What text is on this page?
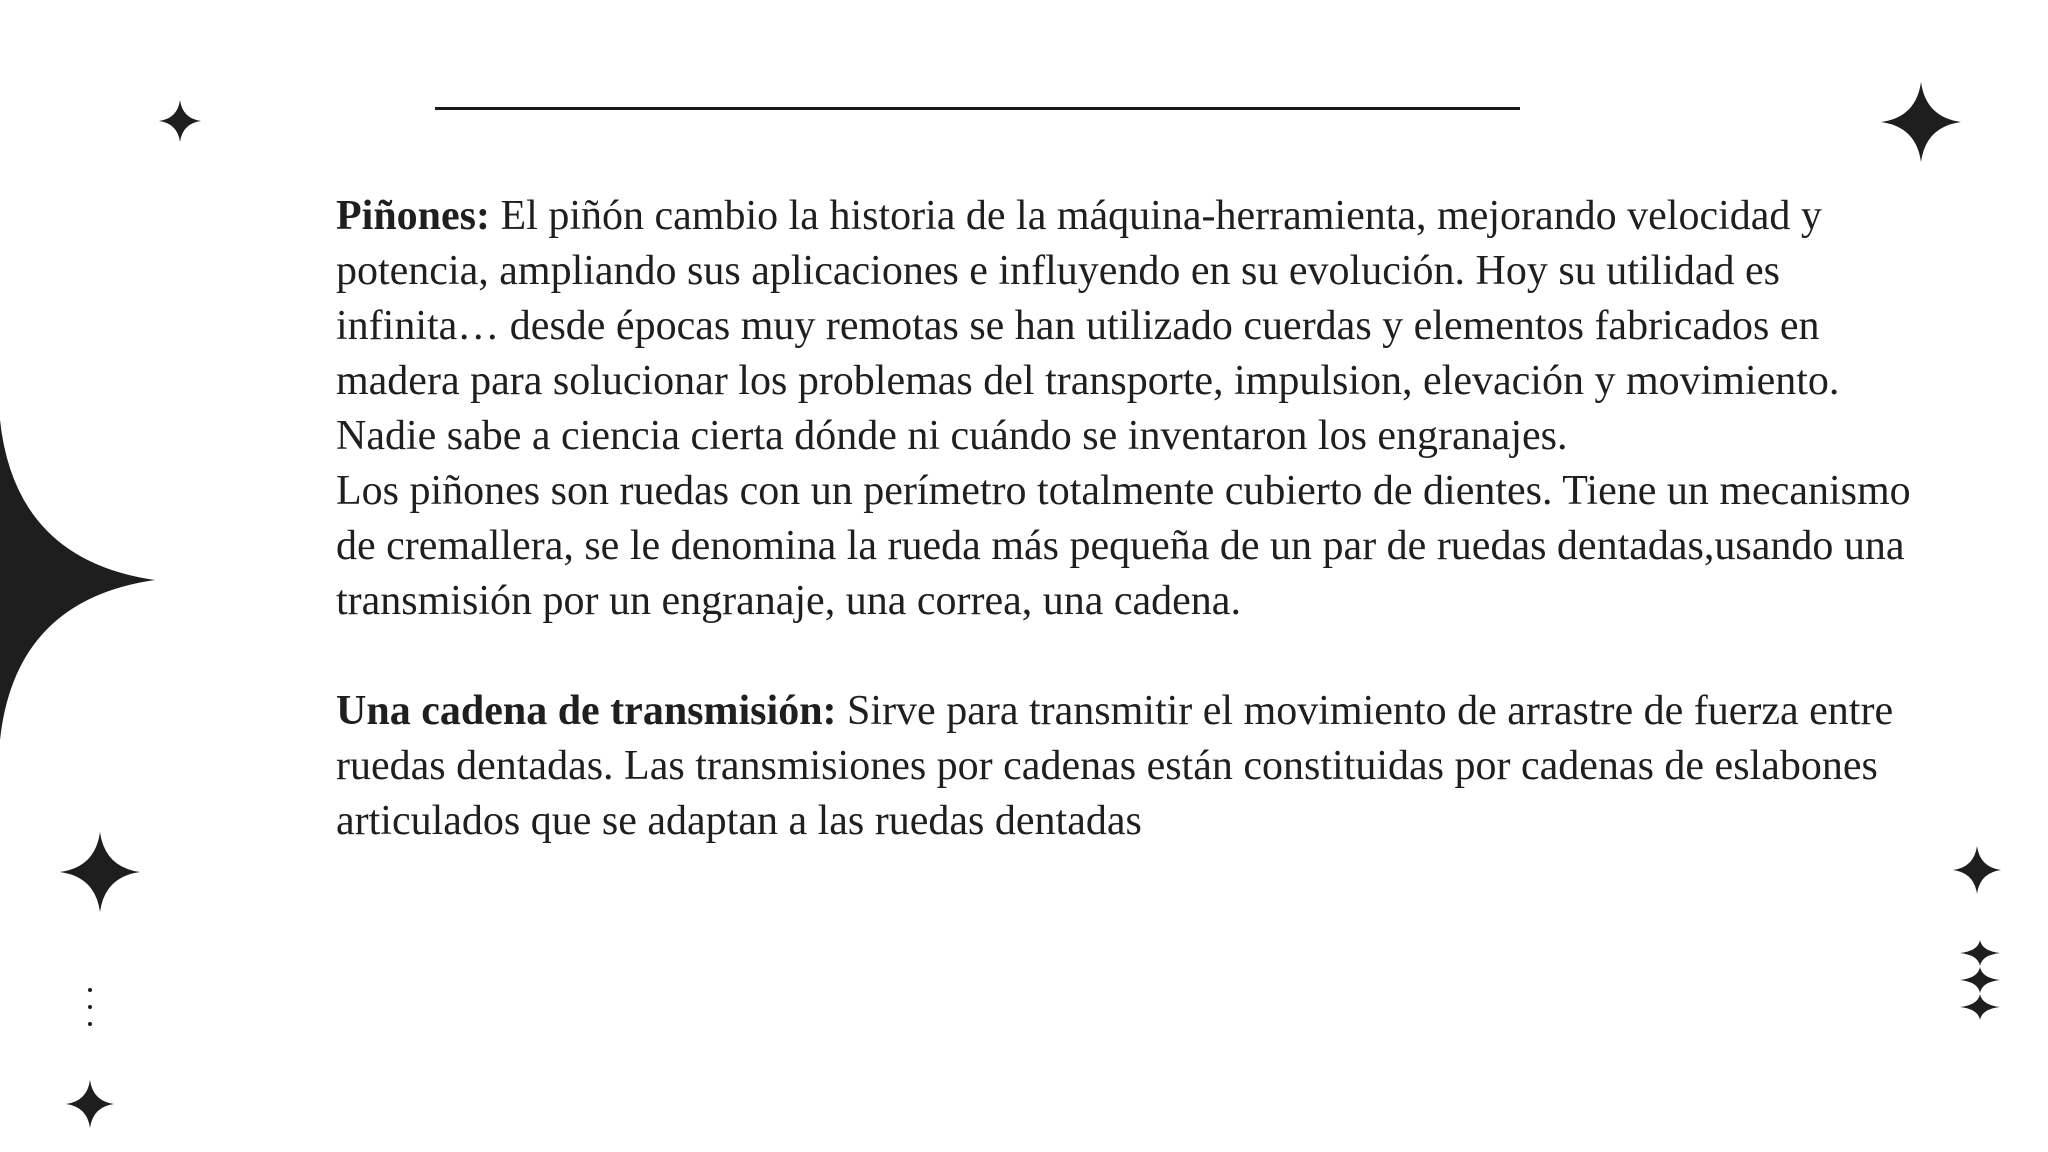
Piñones: El piñón cambio la historia de la máquina-herramienta, mejorando velocidad y potencia, ampliando sus aplicaciones e influyendo en su evolución. Hoy su utilidad es infinita… desde épocas muy remotas se han utilizado cuerdas y elementos fabricados en madera para solucionar los problemas del transporte, impulsion, elevación y movimiento. Nadie sabe a ciencia cierta dónde ni cuándo se inventaron los engranajes.

Los piñones son ruedas con un perímetro totalmente cubierto de dientes. Tiene un mecanismo de cremallera, se le denomina la rueda más pequeña de un par de ruedas dentadas,usando una transmisión por un engranaje, una correa, una cadena.

Una cadena de transmisión: Sirve para transmitir el movimiento de arrastre de fuerza entre ruedas dentadas. Las transmisiones por cadenas están constituidas por cadenas de eslabones articulados que se adaptan a las ruedas dentadas
